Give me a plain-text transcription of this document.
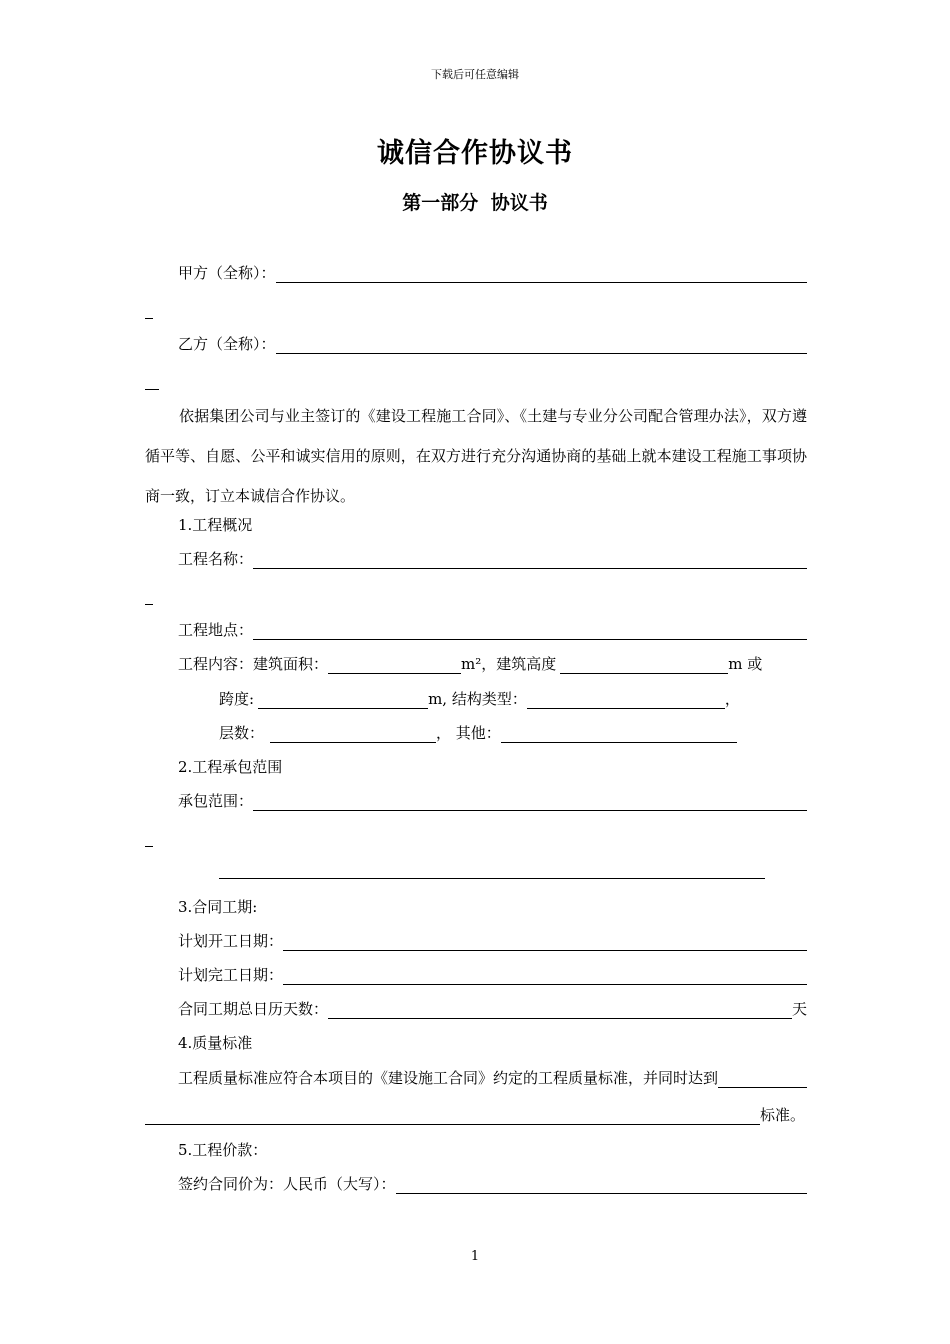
下载后可任意编辑
诚信合作协议书
第一部分 协议书
甲方（全称）：
乙方（全称）：
依据集团公司与业主签订的《建设工程施工合同》、《土建与专业分公司配合管理办法》，双方遵循平等、自愿、公平和诚实信用的原则，在双方进行充分沟通协商的基础上就本建设工程施工事项协商一致，订立本诚信合作协议。
1.工程概况
工程名称：
工程地点：
工程内容：建筑面积：	m²，建筑高度	m 或
跨度:	m, 结构类型：	，
层数：	， 其他：
2.工程承包范围
承包范围：
3.合同工期:
计划开工日期：
计划完工日期：
合同工期总日历天数：	天
4.质量标准
工程质量标准应符合本项目的《建设施工合同》约定的工程质量标准，并同时达到
标准。
5.工程价款：
签约合同价为：人民币（大写）：
1
